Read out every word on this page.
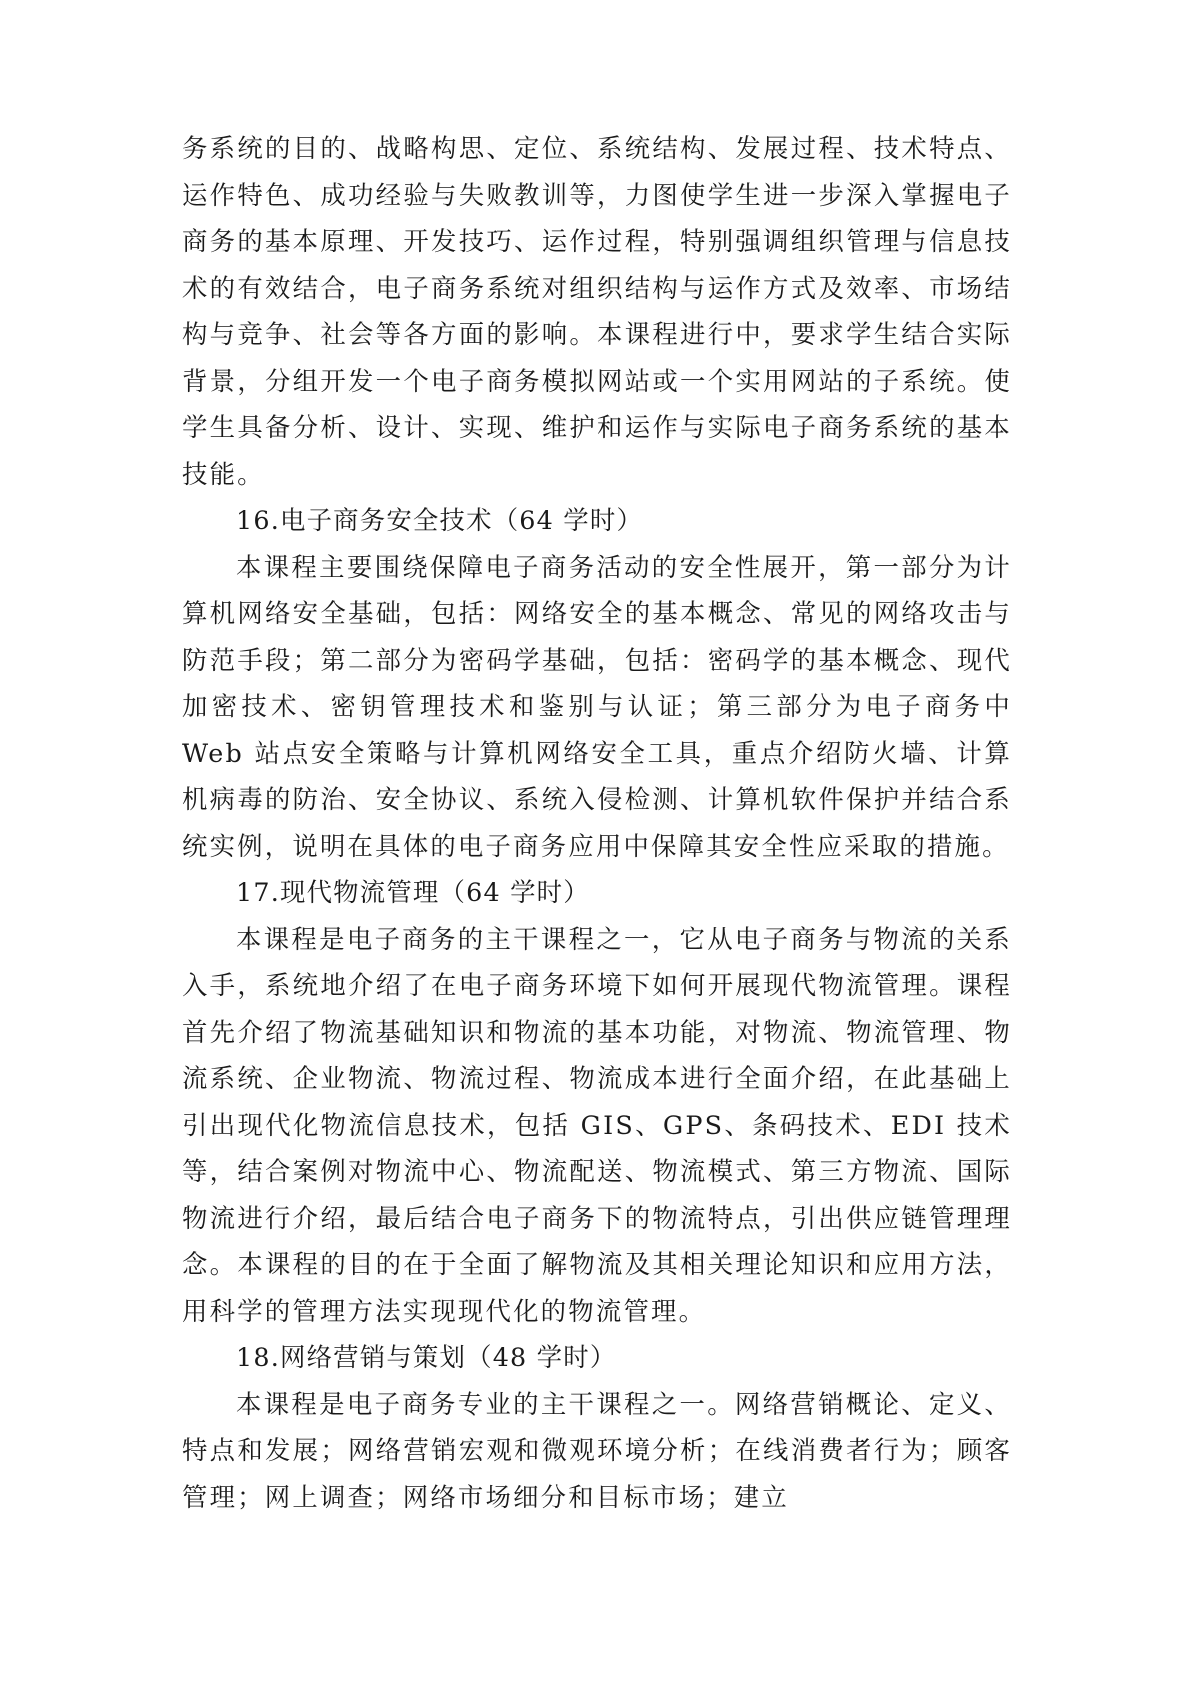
务系统的目的、战略构思、定位、系统结构、发展过程、技术特点、运作特色、成功经验与失败教训等，力图使学生进一步深入掌握电子商务的基本原理、开发技巧、运作过程，特别强调组织管理与信息技术的有效结合，电子商务系统对组织结构与运作方式及效率、市场结构与竞争、社会等各方面的影响。本课程进行中，要求学生结合实际背景，分组开发一个电子商务模拟网站或一个实用网站的子系统。使学生具备分析、设计、实现、维护和运作与实际电子商务系统的基本技能。

16.电子商务安全技术（64 学时）

本课程主要围绕保障电子商务活动的安全性展开，第一部分为计算机网络安全基础，包括：网络安全的基本概念、常见的网络攻击与防范手段；第二部分为密码学基础，包括：密码学的基本概念、现代加密技术、密钥管理技术和鉴别与认证；第三部分为电子商务中 Web 站点安全策略与计算机网络安全工具，重点介绍防火墙、计算机病毒的防治、安全协议、系统入侵检测、计算机软件保护并结合系统实例，说明在具体的电子商务应用中保障其安全性应采取的措施。

17.现代物流管理（64 学时）

本课程是电子商务的主干课程之一，它从电子商务与物流的关系入手，系统地介绍了在电子商务环境下如何开展现代物流管理。课程首先介绍了物流基础知识和物流的基本功能，对物流、物流管理、物流系统、企业物流、物流过程、物流成本进行全面介绍，在此基础上引出现代化物流信息技术，包括 GIS、GPS、条码技术、EDI 技术等，结合案例对物流中心、物流配送、物流模式、第三方物流、国际物流进行介绍，最后结合电子商务下的物流特点，引出供应链管理理念。本课程的目的在于全面了解物流及其相关理论知识和应用方法，用科学的管理方法实现现代化的物流管理。

18.网络营销与策划（48 学时）

本课程是电子商务专业的主干课程之一。网络营销概论、定义、特点和发展；网络营销宏观和微观环境分析；在线消费者行为；顾客管理；网上调查；网络市场细分和目标市场；建立
